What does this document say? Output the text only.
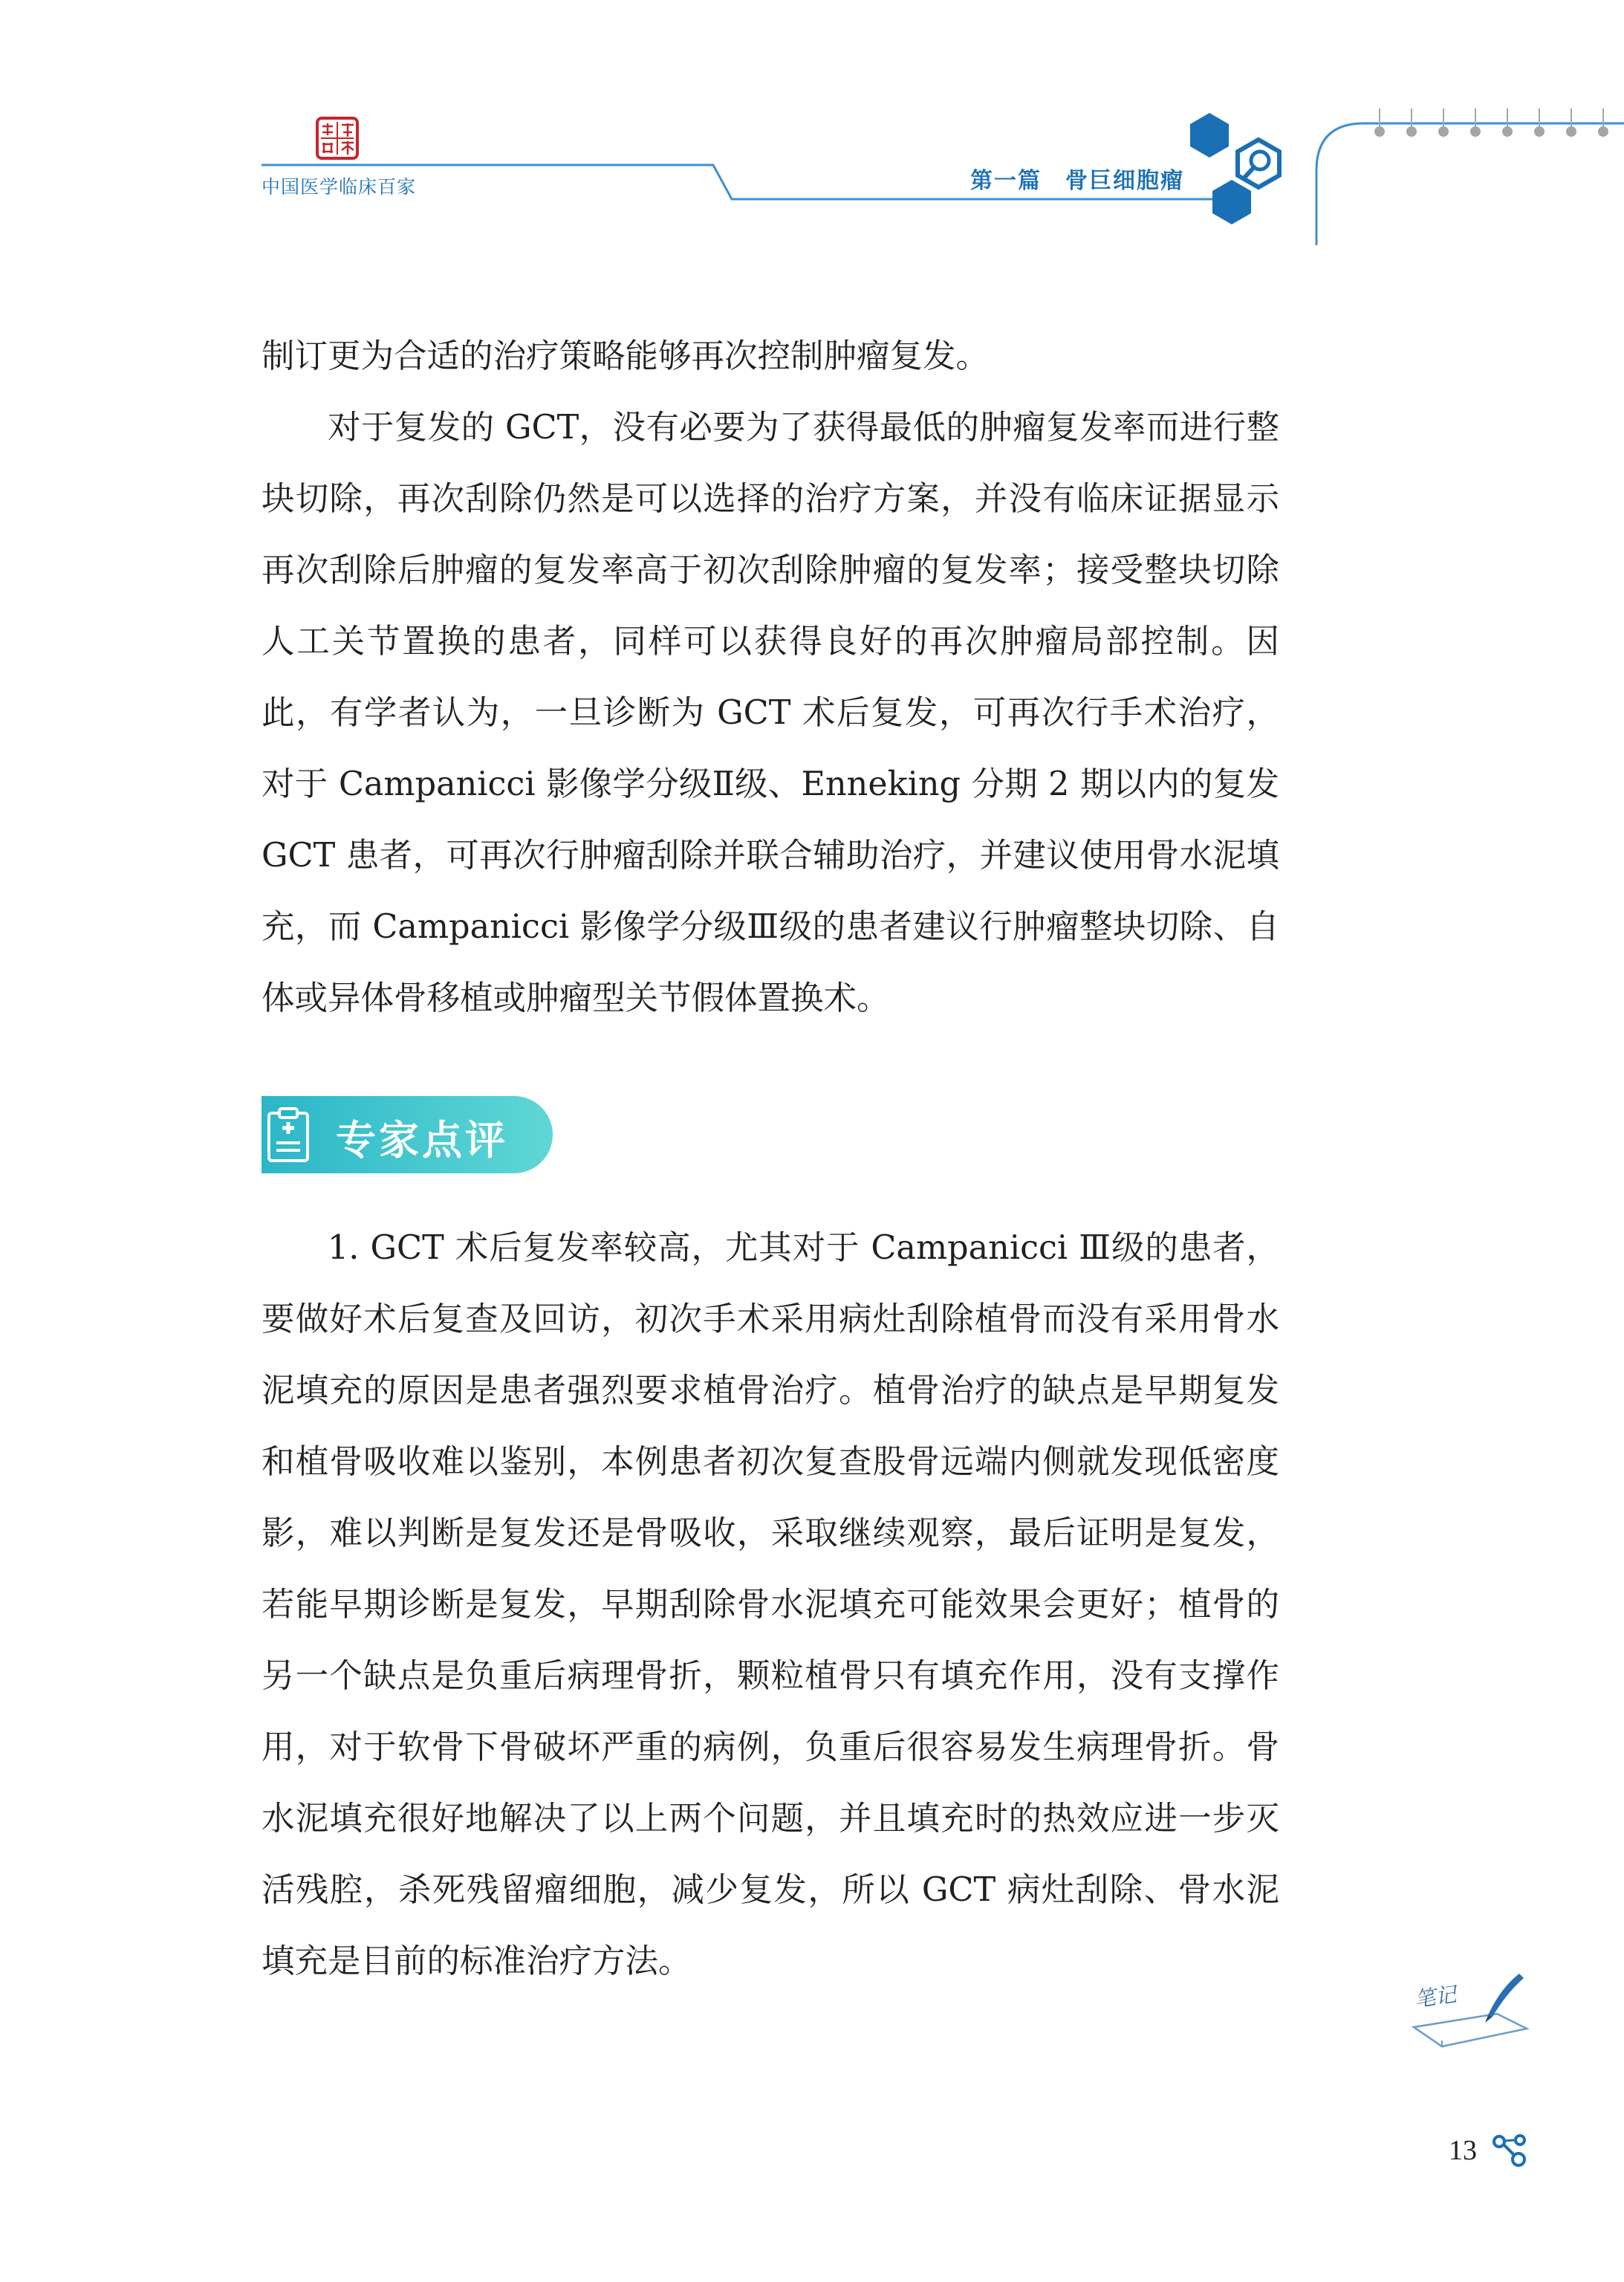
中国医学临床百家	第一篇　骨巨细胞瘤

制订更为合适的治疗策略能够再次控制肿瘤复发。

对于复发的 GCT，没有必要为了获得最低的肿瘤复发率而进行整块切除，再次刮除仍然是可以选择的治疗方案，并没有临床证据显示再次刮除后肿瘤的复发率高于初次刮除肿瘤的复发率；接受整块切除人工关节置换的患者，同样可以获得良好的再次肿瘤局部控制。因此，有学者认为，一旦诊断为 GCT 术后复发，可再次行手术治疗，对于 Campanicci 影像学分级Ⅱ级、Enneking 分期 2 期以内的复发 GCT 患者，可再次行肿瘤刮除并联合辅助治疗，并建议使用骨水泥填充，而 Campanicci 影像学分级Ⅲ级的患者建议行肿瘤整块切除、自体或异体骨移植或肿瘤型关节假体置换术。

专家点评

1. GCT 术后复发率较高，尤其对于 Campanicci Ⅲ级的患者，要做好术后复查及回访，初次手术采用病灶刮除植骨而没有采用骨水泥填充的原因是患者强烈要求植骨治疗。植骨治疗的缺点是早期复发和植骨吸收难以鉴别，本例患者初次复查股骨远端内侧就发现低密度影，难以判断是复发还是骨吸收，采取继续观察，最后证明是复发，若能早期诊断是复发，早期刮除骨水泥填充可能效果会更好；植骨的另一个缺点是负重后病理骨折，颗粒植骨只有填充作用，没有支撑作用，对于软骨下骨破坏严重的病例，负重后很容易发生病理骨折。骨水泥填充很好地解决了以上两个问题，并且填充时的热效应进一步灭活残腔，杀死残留瘤细胞，减少复发，所以 GCT 病灶刮除、骨水泥填充是目前的标准治疗方法。

笔记
13
